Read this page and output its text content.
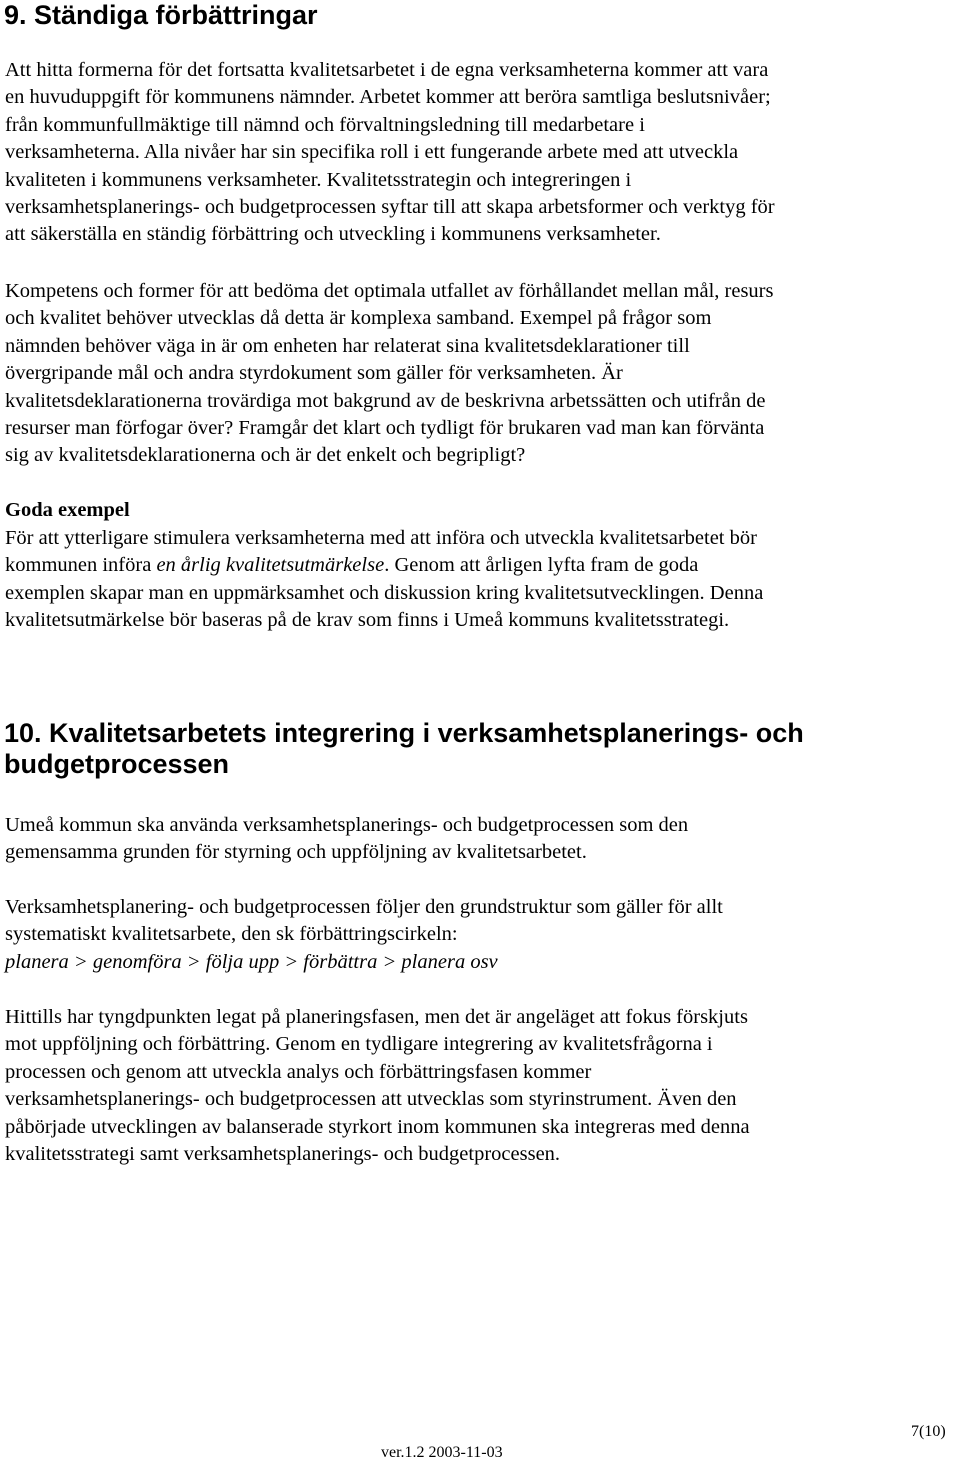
9. Ständiga förbättringar
Att hitta formerna för det fortsatta kvalitetsarbetet i de egna verksamheterna kommer att vara
en huvuduppgift för kommunens nämnder. Arbetet kommer att beröra samtliga beslutsnivåer;
från kommunfullmäktige till nämnd och förvaltningsledning till medarbetare i
verksamheterna. Alla nivåer har sin specifika roll i ett fungerande arbete med att utveckla
kvaliteten i kommunens verksamheter. Kvalitetsstrategin och integreringen i
verksamhetsplanerings- och budgetprocessen syftar till att skapa arbetsformer och verktyg för
att säkerställa en ständig förbättring och utveckling i kommunens verksamheter.
Kompetens och former för att bedöma det optimala utfallet av förhållandet mellan mål, resurs
och kvalitet behöver utvecklas då detta är komplexa samband. Exempel på frågor som
nämnden behöver väga in är om enheten har relaterat sina kvalitetsdeklarationer till
övergripande mål och andra styrdokument som gäller för verksamheten. Är
kvalitetsdeklarationerna trovärdiga mot bakgrund av de beskrivna arbetssätten och utifrån de
resurser man förfogar över? Framgår det klart och tydligt för brukaren vad man kan förvänta
sig av kvalitetsdeklarationerna och är det enkelt och begripligt?
Goda exempel
För att ytterligare stimulera verksamheterna med att införa och utveckla kvalitetsarbetet bör
kommunen införa en årlig kvalitetsutmärkelse. Genom att årligen lyfta fram de goda
exemplen skapar man en uppmärksamhet och diskussion kring kvalitetsutvecklingen. Denna
kvalitetsutmärkelse bör baseras på de krav som finns i Umeå kommuns kvalitetsstrategi.
10. Kvalitetsarbetets integrering i verksamhetsplanerings- och
budgetprocessen
Umeå kommun ska använda verksamhetsplanerings- och budgetprocessen som den
gemensamma grunden för styrning och uppföljning av kvalitetsarbetet.
Verksamhetsplanering- och budgetprocessen följer den grundstruktur som gäller för allt
systematiskt kvalitetsarbete, den sk förbättringscirkeln:
planera > genomföra > följa upp > förbättra > planera osv
Hittills har tyngdpunkten legat på planeringsfasen, men det är angeläget att fokus förskjuts
mot uppföljning och förbättring. Genom en tydligare integrering av kvalitetsfrågorna i
processen och genom att utveckla analys och förbättringsfasen kommer
verksamhetsplanerings- och budgetprocessen att utvecklas som styrinstrument. Även den
påbörjade utvecklingen av balanserade styrkort inom kommunen ska integreras med denna
kvalitetsstrategi samt verksamhetsplanerings- och budgetprocessen.
7(10)
ver.1.2 2003-11-03
